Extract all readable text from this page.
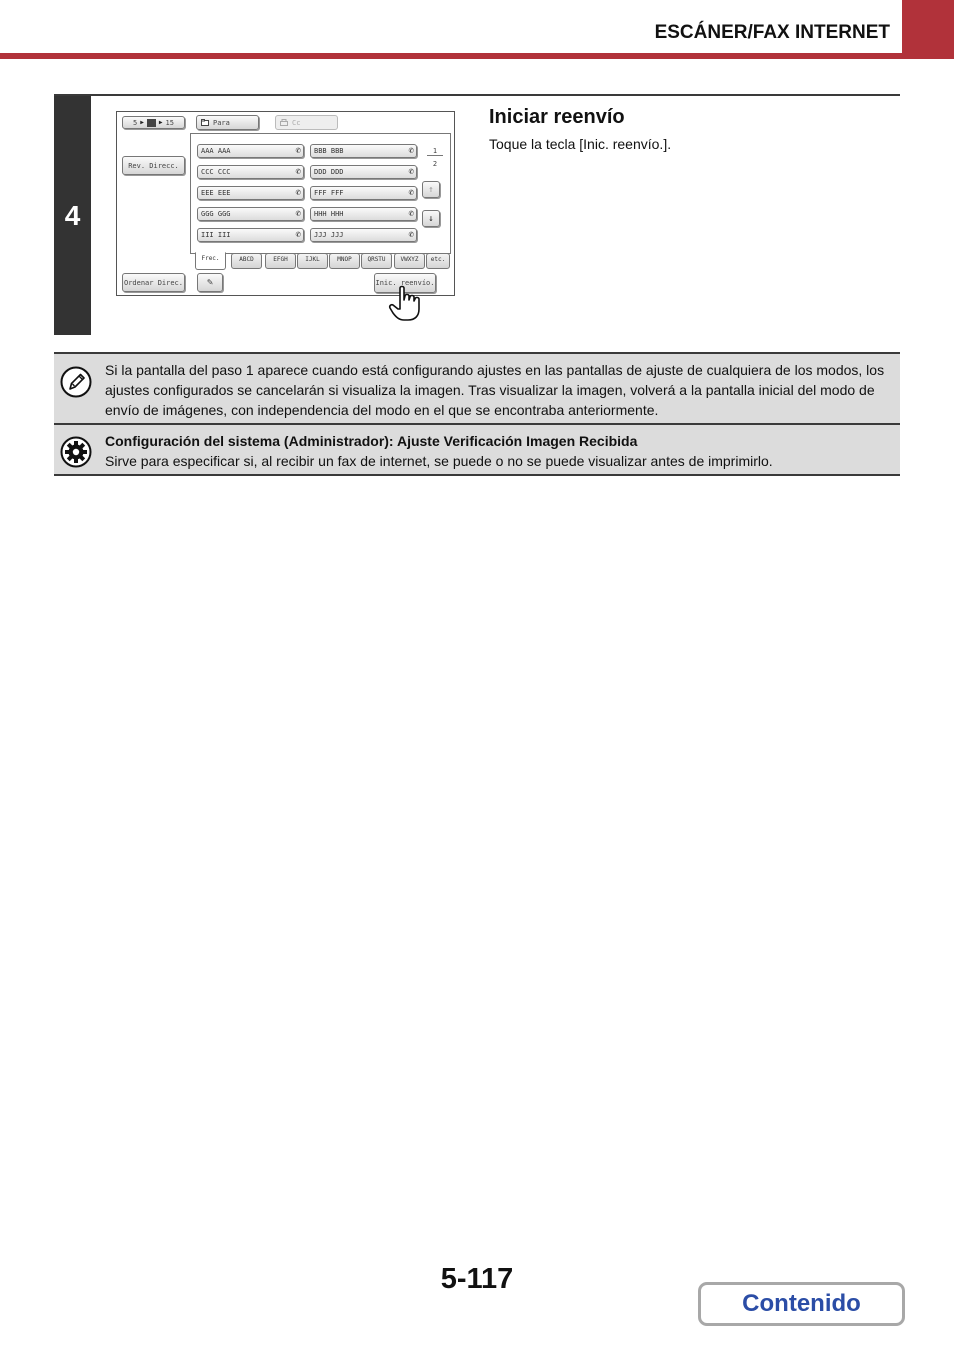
ESCÁNER/FAX INTERNET
4
Iniciar reenvío
Toque la tecla [Inic. reenvío.].
5 ▶	▶ 15	Para	Cc
Rev. Direcc.
AAA AAA	✆	BBB BBB	✆
CCC CCC	✆	DDD DDD	✆
EEE EEE	✆	FFF FFF	✆
GGG GGG	✆	HHH HHH	✆
III III	✆	JJJ JJJ	✆
1
2
↑
↓
Frec.	ABCD	EFGH	IJKL	MNOP	QRSTU	VWXYZ	etc.
Ordenar Direc. ✎	Inic. reenvío.
Si la pantalla del paso 1 aparece cuando está configurando ajustes en las pantallas de ajuste de cualquiera de los modos, los ajustes configurados se cancelarán si visualiza la imagen. Tras visualizar la imagen, volverá a la pantalla inicial del modo de envío de imágenes, con independencia del modo en el que se encontraba anteriormente.
Configuración del sistema (Administrador): Ajuste Verificación Imagen Recibida
Sirve para especificar si, al recibir un fax de internet, se puede o no se puede visualizar antes de imprimirlo.
5-117
Contenido
